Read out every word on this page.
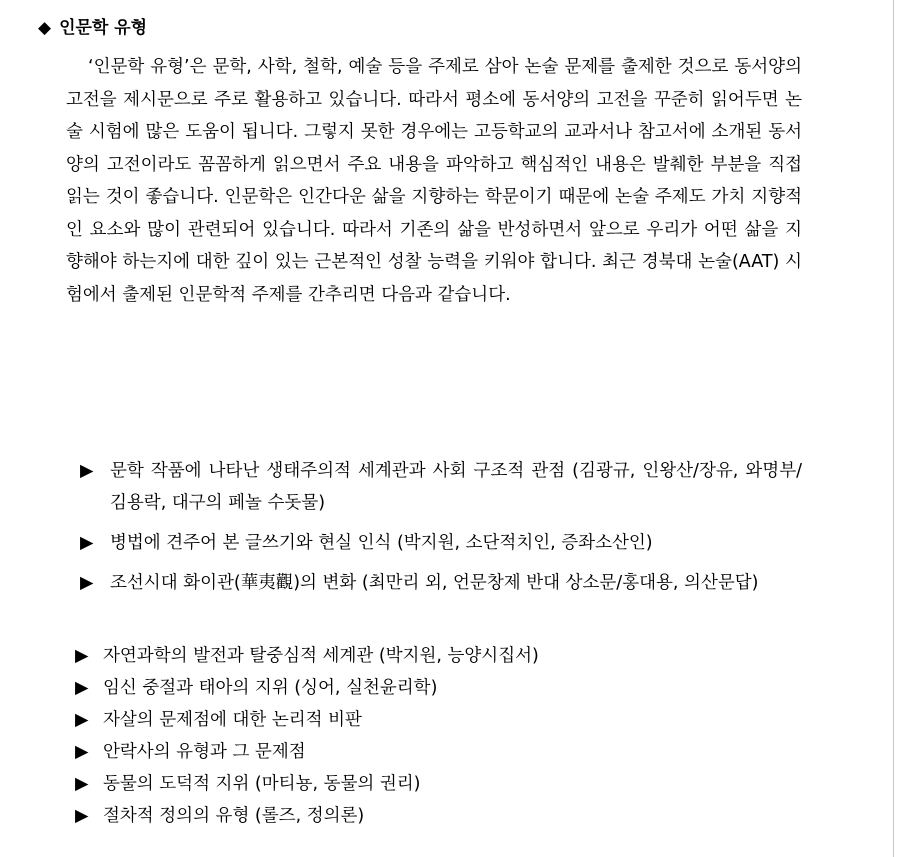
◆ 인문학 유형

‘인문학 유형’은 문학, 사학, 철학, 예술 등을 주제로 삼아 논술 문제를 출제한 것으로 동서양의 고전을 제시문으로 주로 활용하고 있습니다. 따라서 평소에 동서양의 고전을 꾸준히 읽어두면 논술 시험에 많은 도움이 됩니다. 그렇지 못한 경우에는 고등학교의 교과서나 참고서에 소개된 동서양의 고전이라도 꼼꼼하게 읽으면서 주요 내용을 파악하고 핵심적인 내용은 발췌한 부분을 직접 읽는 것이 좋습니다. 인문학은 인간다운 삶을 지향하는 학문이기 때문에 논술 주제도 가치 지향적인 요소와 많이 관련되어 있습니다. 따라서 기존의 삶을 반성하면서 앞으로 우리가 어떤 삶을 지향해야 하는지에 대한 깊이 있는 근본적인 성찰 능력을 키워야 합니다. 최근 경북대 논술(AAT) 시험에서 출제된 인문학적 주제를 간추리면 다음과 같습니다.

▶ 문학 작품에 나타난 생태주의적 세계관과 사회 구조적 관점 (김광규, 인왕산/장유, 와명부/김용락, 대구의 페놀 수돗물)
▶ 병법에 견주어 본 글쓰기와 현실 인식 (박지원, 소단적치인, 증좌소산인)
▶ 조선시대 화이관(華夷觀)의 변화 (최만리 외, 언문창제 반대 상소문/홍대용, 의산문답)
▶ 자연과학의 발전과 탈중심적 세계관 (박지원, 능양시집서)
▶ 임신 중절과 태아의 지위 (싱어, 실천윤리학)
▶ 자살의 문제점에 대한 논리적 비판
▶ 안락사의 유형과 그 문제점
▶ 동물의 도덕적 지위 (마티뇽, 동물의 권리)
▶ 절차적 정의의 유형 (롤즈, 정의론)
